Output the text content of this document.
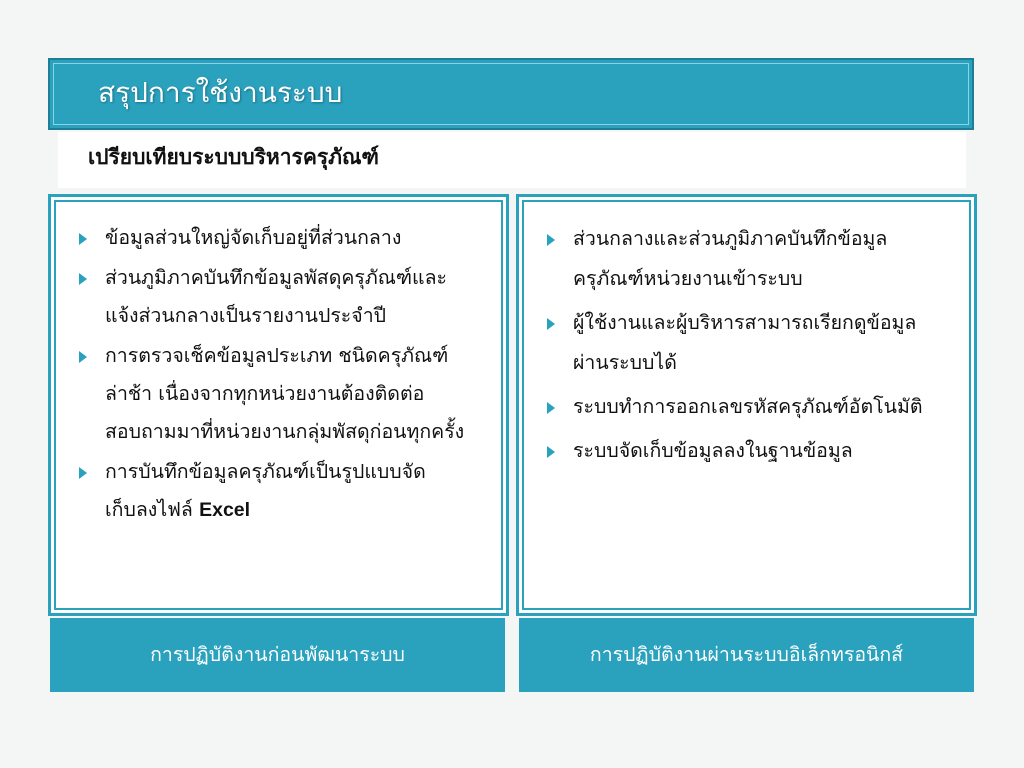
สรุปการใช้งานระบบ
เปรียบเทียบระบบบริหารครุภัณฑ์
ข้อมูลส่วนใหญ่จัดเก็บอยู่ที่ส่วนกลาง
ส่วนภูมิภาคบันทึกข้อมูลพัสดุครุภัณฑ์และแจ้งส่วนกลางเป็นรายงานประจำปี
การตรวจเช็คข้อมูลประเภท ชนิดครุภัณฑ์ล่าช้า เนื่องจากทุกหน่วยงานต้องติดต่อสอบถามมาที่หน่วยงานกลุ่มพัสดุก่อนทุกครั้ง
การบันทึกข้อมูลครุภัณฑ์เป็นรูปแบบจัดเก็บลงไฟล์ Excel
ส่วนกลางและส่วนภูมิภาคบันทึกข้อมูลครุภัณฑ์หน่วยงานเข้าระบบ
ผู้ใช้งานและผู้บริหารสามารถเรียกดูข้อมูลผ่านระบบได้
ระบบทำการออกเลขรหัสครุภัณฑ์อัตโนมัติ
ระบบจัดเก็บข้อมูลลงในฐานข้อมูล
การปฏิบัติงานก่อนพัฒนาระบบ	การปฏิบัติงานผ่านระบบอิเล็กทรอนิกส์
